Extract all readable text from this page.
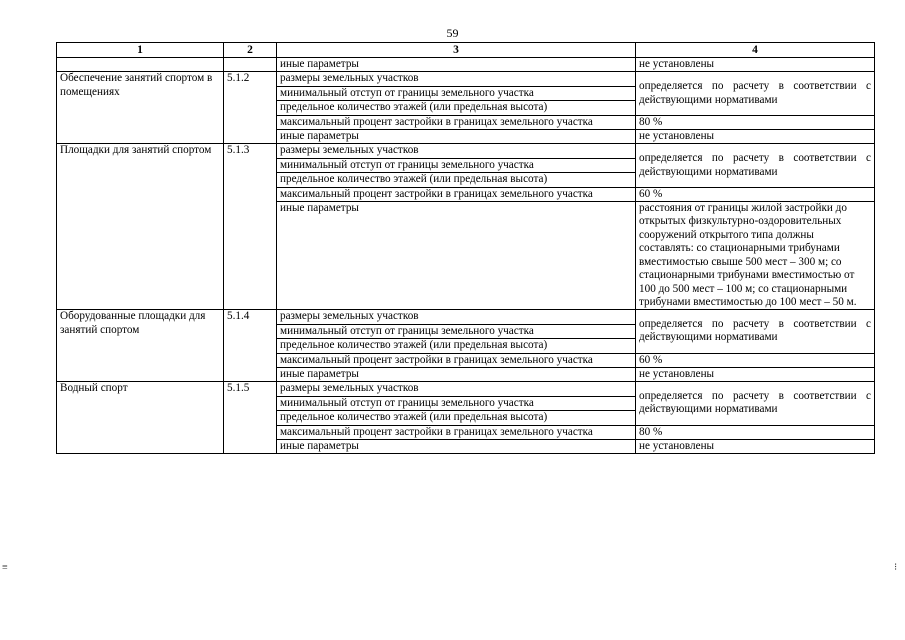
59
1	2	3	4
		иные параметры	не установлены
Обеспечение занятий спортом в помещениях	5.1.2	размеры земельных участков	определяется по расчету в соответствии с действующими нормативами
		минимальный отступ от границы земельного участка	
		предельное количество этажей (или предельная высота)	
		максимальный процент застройки в границах земельного участка	80 %
		иные параметры	не установлены
Площадки для занятий спортом	5.1.3	размеры земельных участков	определяется по расчету в соответствии с действующими нормативами
		минимальный отступ от границы земельного участка	
		предельное количество этажей (или предельная высота)	
		максимальный процент застройки в границах земельного участка	60 %
		иные параметры	расстояния от границы жилой застройки до открытых физкультурно-оздоровительных сооружений открытого типа должны составлять: со стационарными трибунами вместимостью свыше 500 мест – 300 м; со стационарными трибунами вместимостью от 100 до 500 мест – 100 м; со стационарными трибунами вместимостью до 100 мест – 50 м.
Оборудованные площадки для занятий спортом	5.1.4	размеры земельных участков	определяется по расчету в соответствии с действующими нормативами
		минимальный отступ от границы земельного участка	
		предельное количество этажей (или предельная высота)	
		максимальный процент застройки в границах земельного участка	60 %
		иные параметры	не установлены
Водный спорт	5.1.5	размеры земельных участков	определяется по расчету в соответствии с действующими нормативами
		минимальный отступ от границы земельного участка	
		предельное количество этажей (или предельная высота)	
		максимальный процент застройки в границах земельного участка	80 %
		иные параметры	не установлены
≡	⁝
